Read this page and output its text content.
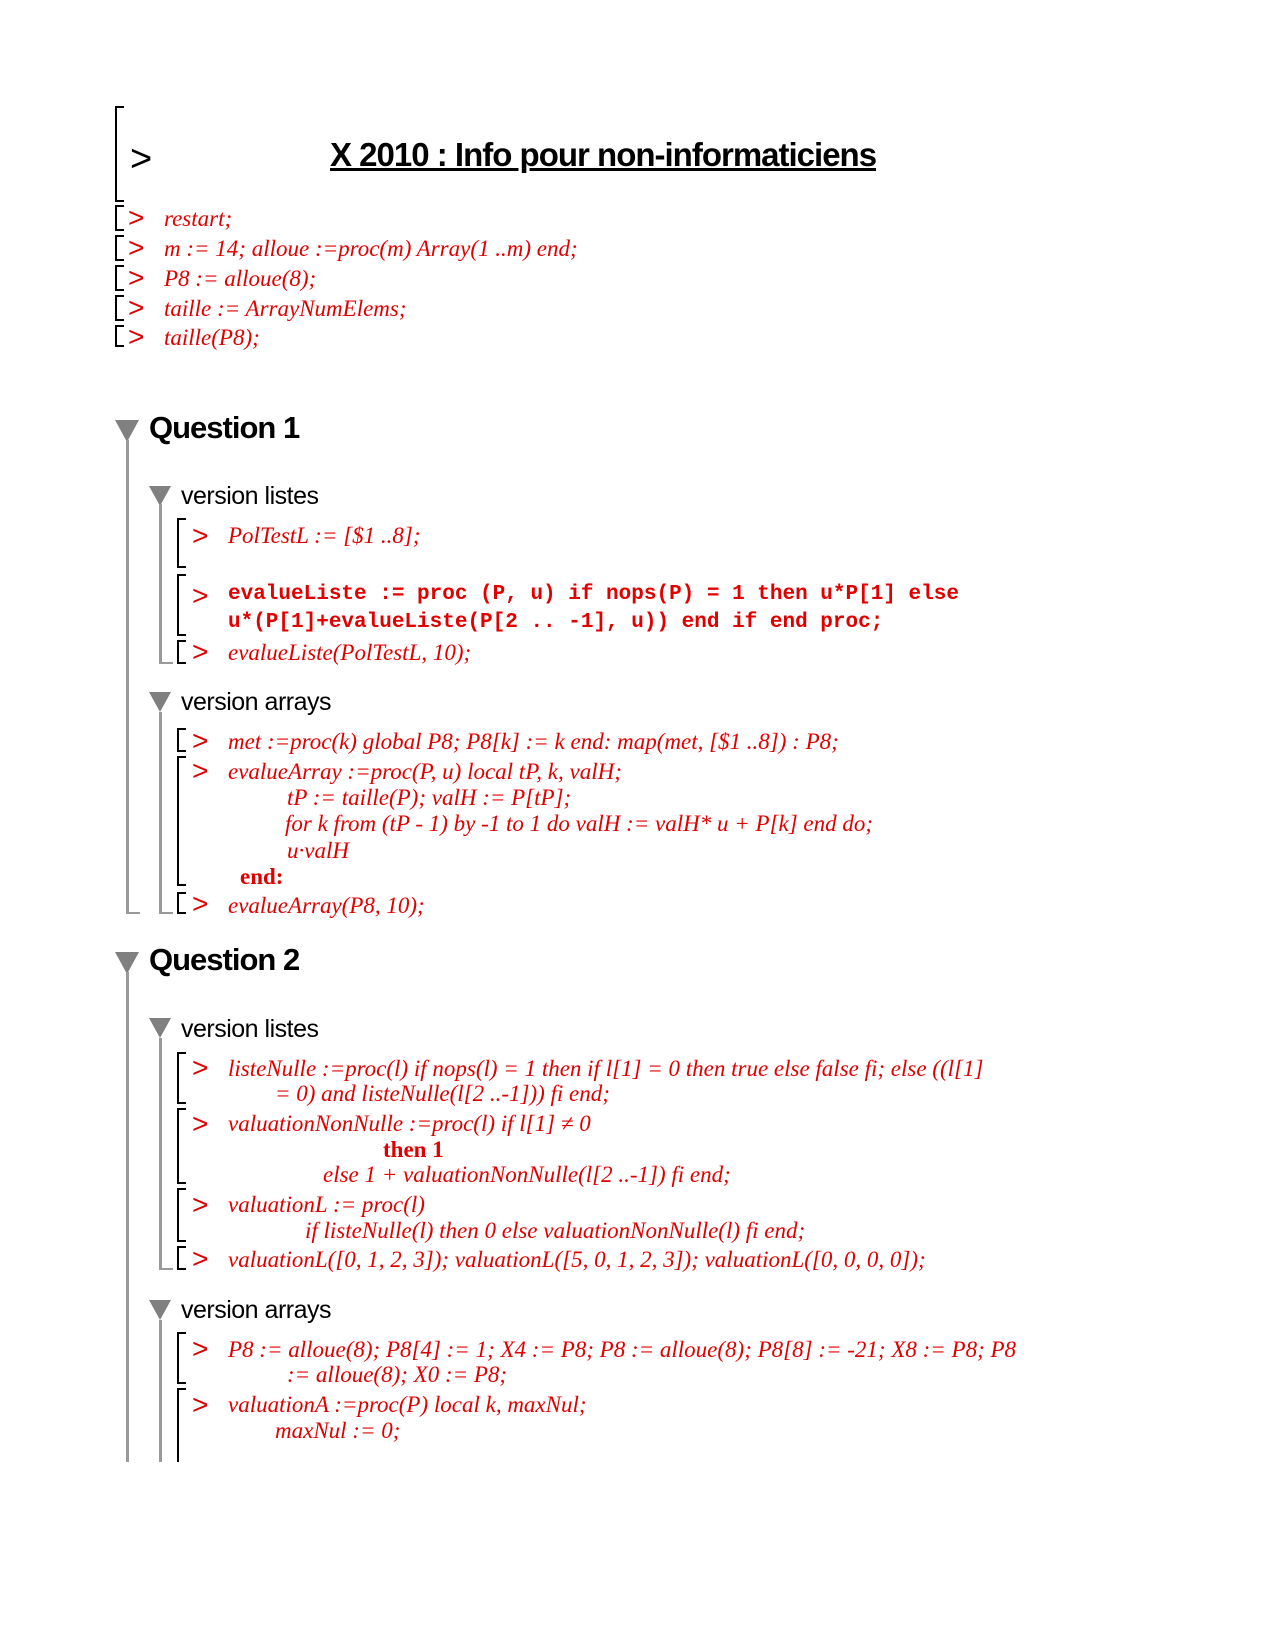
>	X 2010 : Info pour non-informaticiens
> restart;
> m := 14; alloue :=proc(m) Array(1 ..m) end;
> P8 := alloue(8);
> taille := ArrayNumElems;
> taille(P8);
Question 1
version listes
> PolTestL := [$1 ..8];
> evalueListe := proc (P, u) if nops(P) = 1 then u*P[1] else
u*(P[1]+evalueListe(P[2 .. -1], u)) end if end proc;
> evalueListe(PolTestL, 10);
version arrays
> met :=proc(k) global P8; P8[k] := k end: map(met, [$1 ..8]) : P8;
> evalueArray :=proc(P, u) local tP, k, valH;
tP := taille(P); valH := P[tP];
for k from (tP - 1) by -1 to 1 do valH := valH* u + P[k] end do;
u·valH
end:
> evalueArray(P8, 10);
Question 2
version listes
> listeNulle :=proc(l) if nops(l) = 1 then if l[1] = 0 then true else false fi; else ((l[1]
= 0) and listeNulle(l[2 ..-1])) fi end;
> valuationNonNulle :=proc(l) if l[1] ≠ 0
then 1
else 1 + valuationNonNulle(l[2 ..-1]) fi end;
> valuationL := proc(l)
if listeNulle(l) then 0 else valuationNonNulle(l) fi end;
> valuationL([0, 1, 2, 3]); valuationL([5, 0, 1, 2, 3]); valuationL([0, 0, 0, 0]);
version arrays
> P8 := alloue(8); P8[4] := 1; X4 := P8; P8 := alloue(8); P8[8] := -21; X8 := P8; P8
:= alloue(8); X0 := P8;
> valuationA :=proc(P) local k, maxNul;
maxNul := 0;
